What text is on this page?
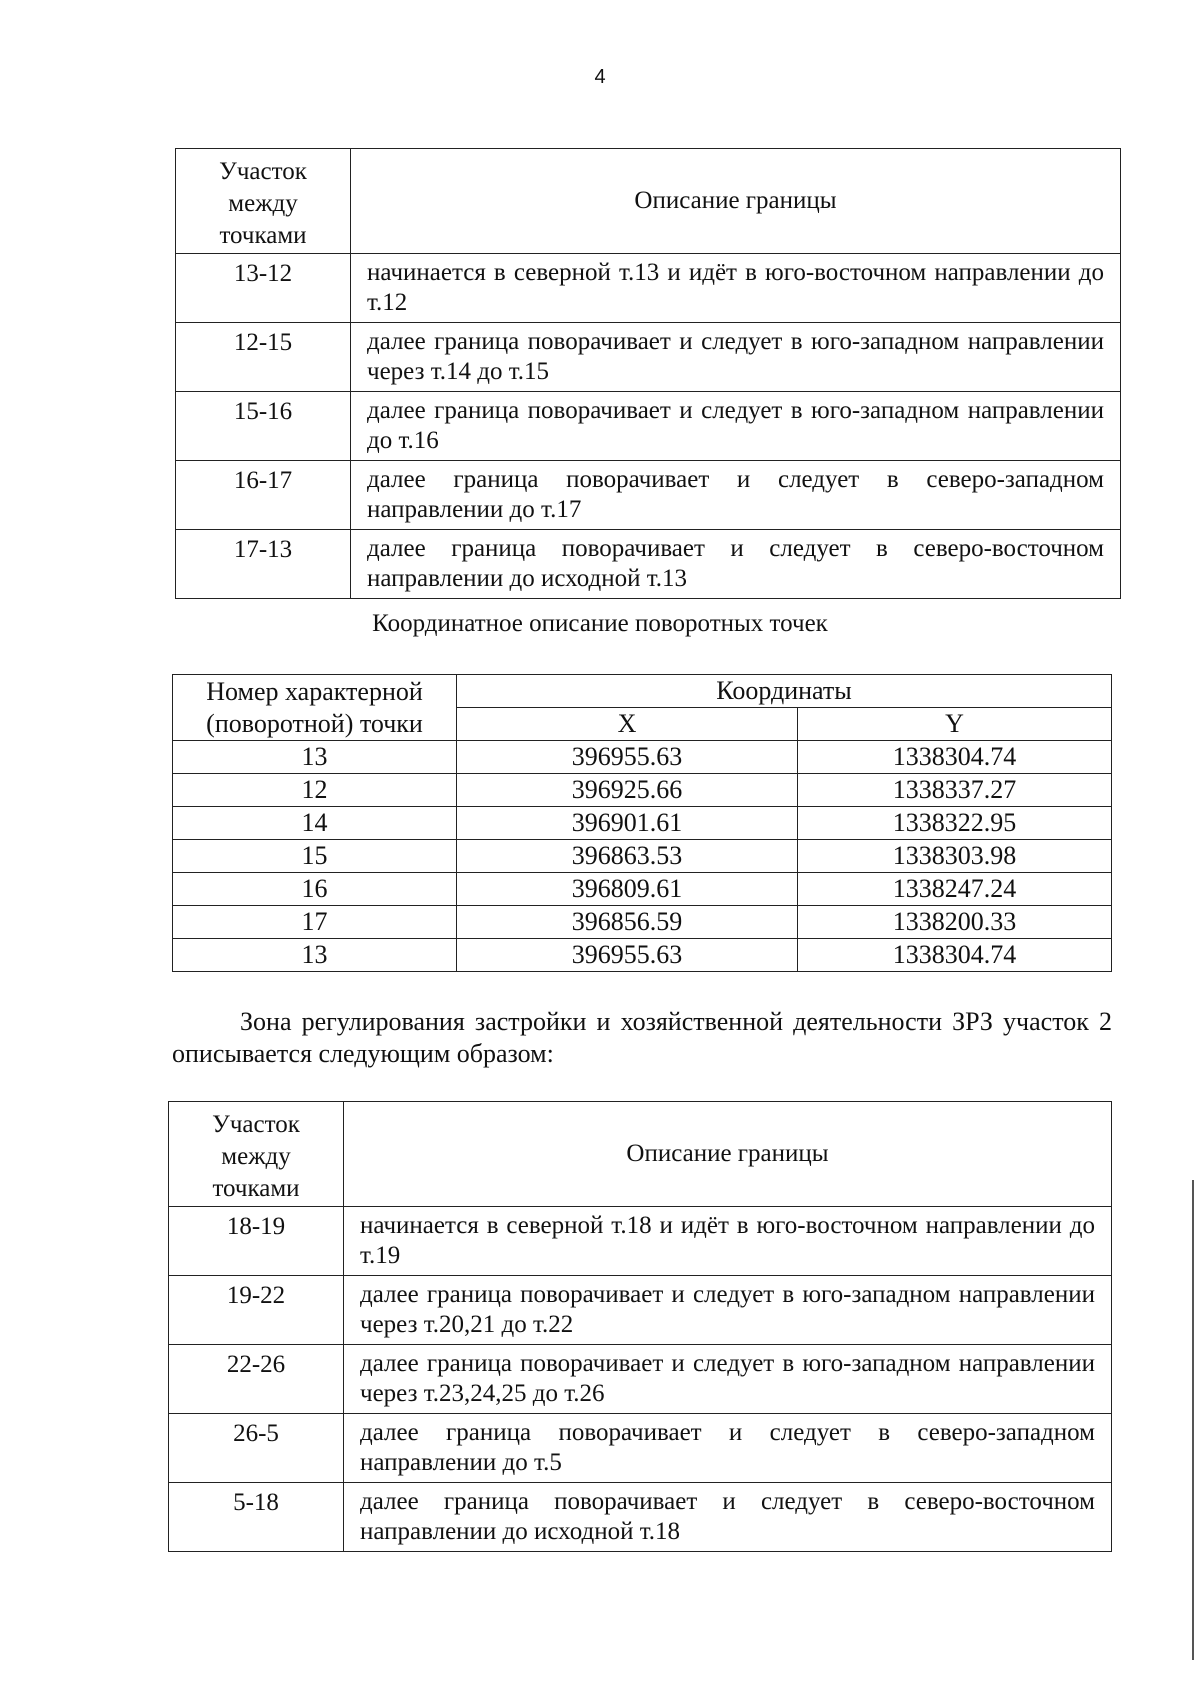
4
Участок
между
точками	Описание границы
13-12	начинается в северной т.13 и идёт в юго-восточном направлении до т.12
12-15	далее граница поворачивает и следует в юго-западном направлении через т.14 до т.15
15-16	далее граница поворачивает и следует в юго-западном направлении до т.16
16-17	далее граница поворачивает и следует в северо-западном направлении до т.17
17-13	далее граница поворачивает и следует в северо-восточном направлении до исходной т.13
Координатное описание поворотных точек
Номер характерной
(поворотной) точки	Координаты	
	X	Y
13	396955.63	1338304.74
12	396925.66	1338337.27
14	396901.61	1338322.95
15	396863.53	1338303.98
16	396809.61	1338247.24
17	396856.59	1338200.33
13	396955.63	1338304.74
Зона регулирования застройки и хозяйственной деятельности ЗРЗ участок 2 описывается следующим образом:
Участок
между
точками	Описание границы
18-19	начинается в северной т.18 и идёт в юго-восточном направлении до т.19
19-22	далее граница поворачивает и следует в юго-западном направлении через т.20,21 до т.22
22-26	далее граница поворачивает и следует в юго-западном направлении через т.23,24,25 до т.26
26-5	далее граница поворачивает и следует в северо-западном направлении до т.5
5-18	далее граница поворачивает и следует в северо-восточном направлении до исходной т.18
